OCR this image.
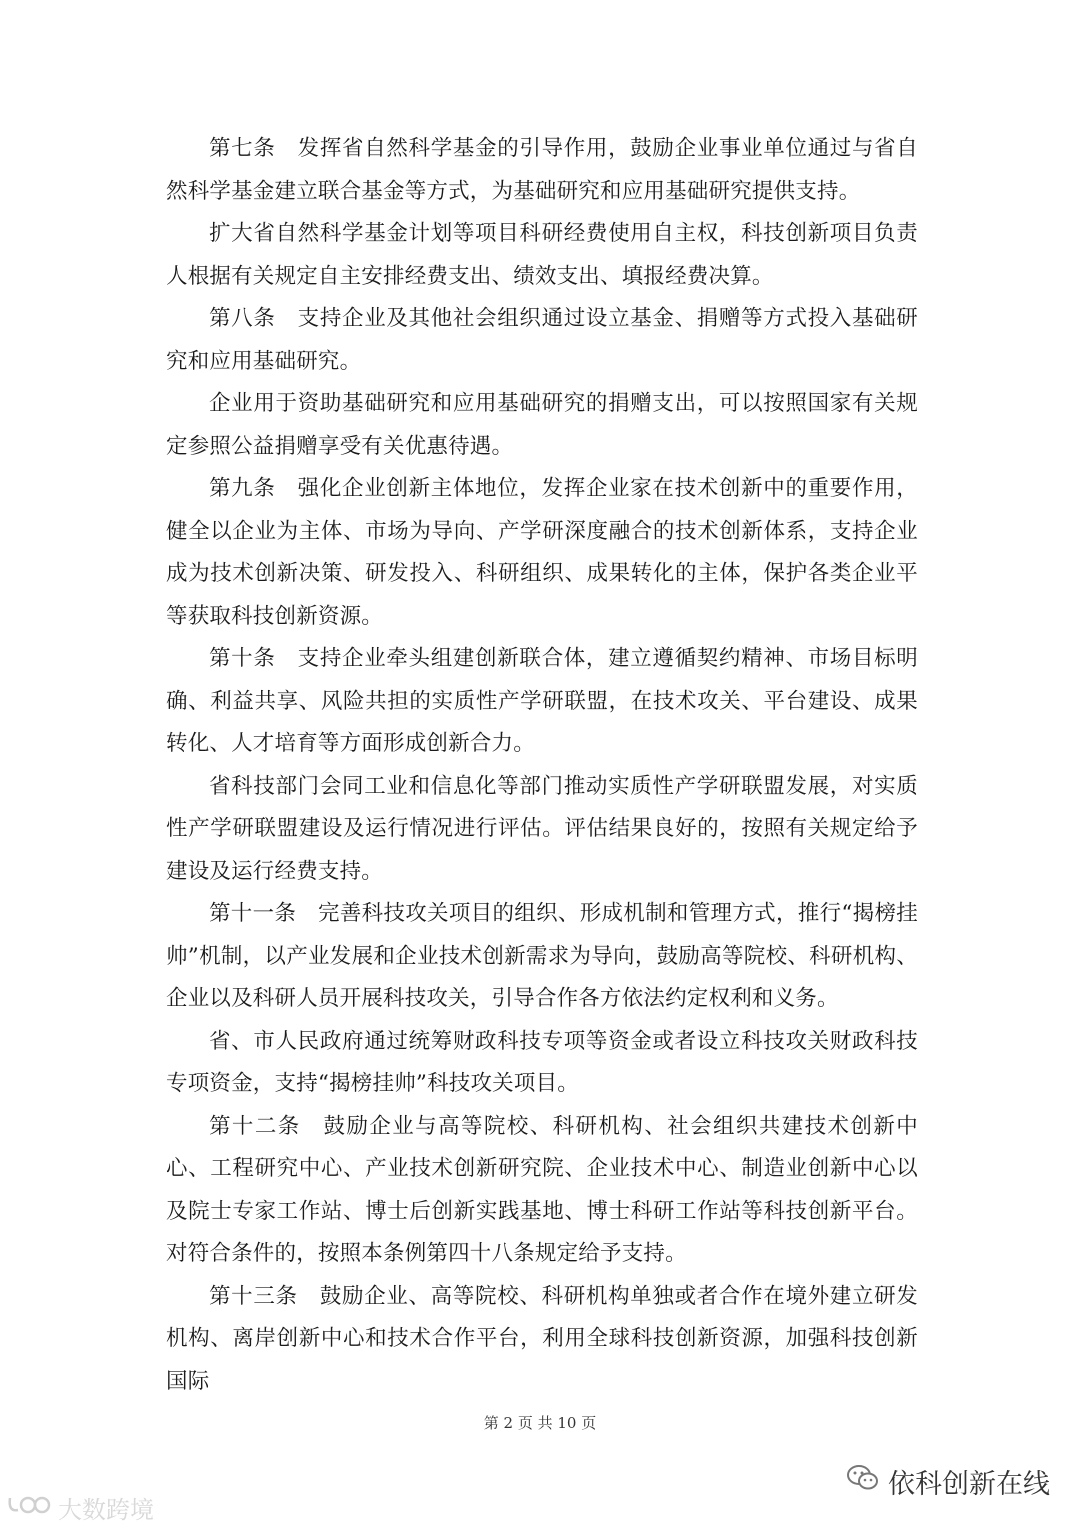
第七条　发挥省自然科学基金的引导作用，鼓励企业事业单位通过与省自然科学基金建立联合基金等方式，为基础研究和应用基础研究提供支持。

扩大省自然科学基金计划等项目科研经费使用自主权，科技创新项目负责人根据有关规定自主安排经费支出、绩效支出、填报经费决算。

第八条　支持企业及其他社会组织通过设立基金、捐赠等方式投入基础研究和应用基础研究。

企业用于资助基础研究和应用基础研究的捐赠支出，可以按照国家有关规定参照公益捐赠享受有关优惠待遇。

第九条　强化企业创新主体地位，发挥企业家在技术创新中的重要作用，健全以企业为主体、市场为导向、产学研深度融合的技术创新体系，支持企业成为技术创新决策、研发投入、科研组织、成果转化的主体，保护各类企业平等获取科技创新资源。

第十条　支持企业牵头组建创新联合体，建立遵循契约精神、市场目标明确、利益共享、风险共担的实质性产学研联盟，在技术攻关、平台建设、成果转化、人才培育等方面形成创新合力。

省科技部门会同工业和信息化等部门推动实质性产学研联盟发展，对实质性产学研联盟建设及运行情况进行评估。评估结果良好的，按照有关规定给予建设及运行经费支持。

第十一条　完善科技攻关项目的组织、形成机制和管理方式，推行“揭榜挂帅”机制，以产业发展和企业技术创新需求为导向，鼓励高等院校、科研机构、企业以及科研人员开展科技攻关，引导合作各方依法约定权利和义务。

省、市人民政府通过统筹财政科技专项等资金或者设立科技攻关财政科技专项资金，支持“揭榜挂帅”科技攻关项目。

第十二条　鼓励企业与高等院校、科研机构、社会组织共建技术创新中心、工程研究中心、产业技术创新研究院、企业技术中心、制造业创新中心以及院士专家工作站、博士后创新实践基地、博士科研工作站等科技创新平台。对符合条件的，按照本条例第四十八条规定给予支持。

第十三条　鼓励企业、高等院校、科研机构单独或者合作在境外建立研发机构、离岸创新中心和技术合作平台，利用全球科技创新资源，加强科技创新国际

第 2 页 共 10 页
依科创新在线
大数跨境
